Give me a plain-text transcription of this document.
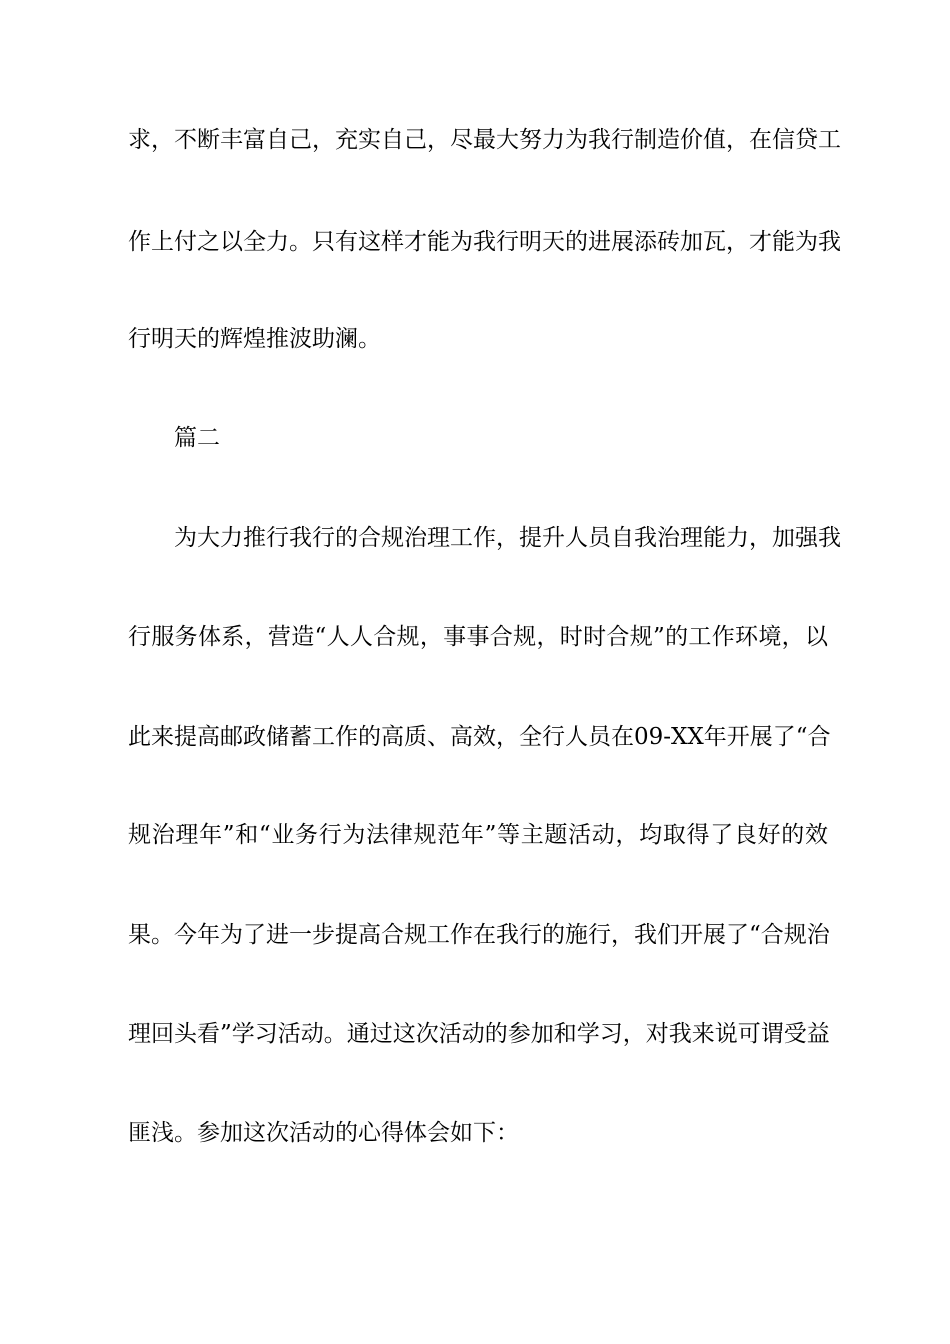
求，不断丰富自己，充实自己，尽最大努力为我行制造价值，在信贷工
作上付之以全力。只有这样才能为我行明天的进展添砖加瓦，才能为我
行明天的辉煌推波助澜。
篇二
为大力推行我行的合规治理工作，提升人员自我治理能力，加强我
行服务体系，营造“人人合规，事事合规，时时合规”的工作环境，以
此来提高邮政储蓄工作的高质、高效，全行人员在09-XX年开展了“合
规治理年”和“业务行为法律规范年”等主题活动，均取得了良好的效
果。今年为了进一步提高合规工作在我行的施行，我们开展了“合规治
理回头看”学习活动。通过这次活动的参加和学习，对我来说可谓受益
匪浅。参加这次活动的心得体会如下：
